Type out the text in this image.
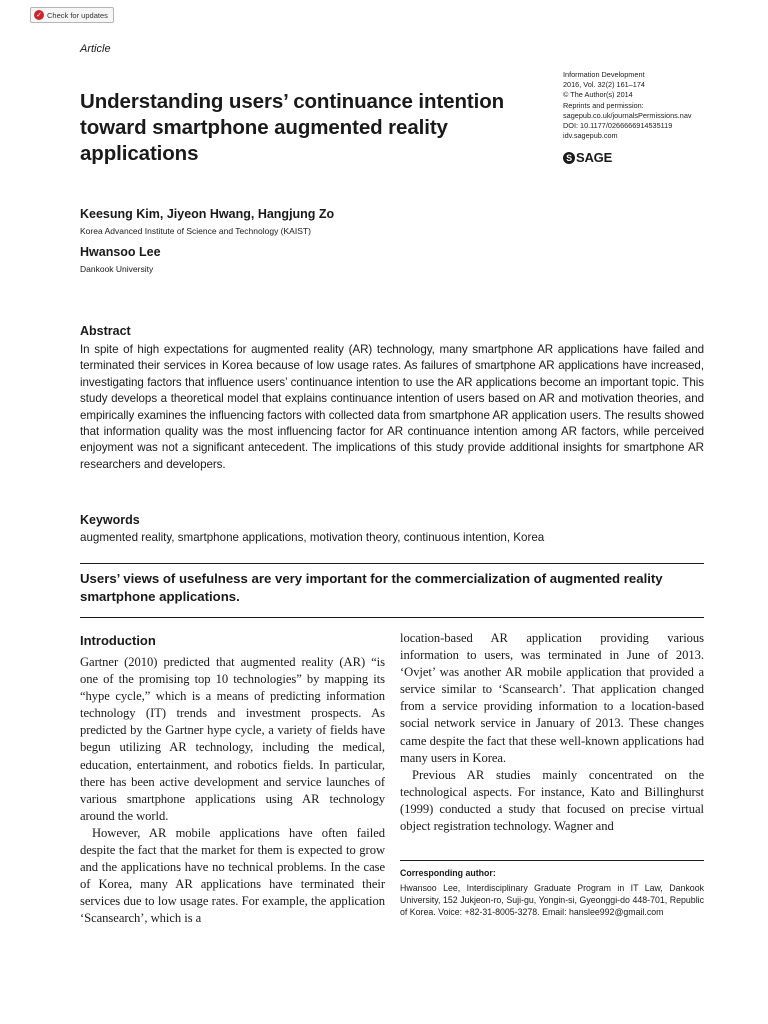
✓ Check for updates
Article
Information Development
2016, Vol. 32(2) 161–174
© The Author(s) 2014
Reprints and permission:
sagepub.co.uk/journalsPermissions.nav
DOI: 10.1177/0266666914535119
idv.sagepub.com
S SAGE
Understanding users’ continuance intention toward smartphone augmented reality applications
Keesung Kim, Jiyeon Hwang, Hangjung Zo
Korea Advanced Institute of Science and Technology (KAIST)
Hwansoo Lee
Dankook University
Abstract

In spite of high expectations for augmented reality (AR) technology, many smartphone AR applications have failed and terminated their services in Korea because of low usage rates. As failures of smartphone AR applications have increased, investigating factors that influence users’ continuance intention to use the AR applications become an important topic. This study develops a theoretical model that explains continuance intention of users based on AR and motivation theories, and empirically examines the influencing factors with collected data from smartphone AR application users. The results showed that information quality was the most influencing factor for AR continuance intention among AR factors, while perceived enjoyment was not a significant antecedent. The implications of this study provide additional insights for smartphone AR researchers and developers.

Keywords
augmented reality, smartphone applications, motivation theory, continuous intention, Korea

Users’ views of usefulness are very important for the commercialization of augmented reality smartphone applications.

Introduction

Gartner (2010) predicted that augmented reality (AR) “is one of the promising top 10 technologies” by mapping its “hype cycle,” which is a means of predicting information technology (IT) trends and investment prospects. As predicted by the Gartner hype cycle, a variety of fields have begun utilizing AR technology, including the medical, education, entertainment, and robotics fields. In particular, there has been active development and service launches of various smartphone applications using AR technology around the world.

However, AR mobile applications have often failed despite the fact that the market for them is expected to grow and the applications have no technical problems. In the case of Korea, many AR applications have terminated their services due to low usage rates. For example, the application ‘Scansearch’, which is a

location-based AR application providing various information to users, was terminated in June of 2013. ‘Ovjet’ was another AR mobile application that provided a service similar to ‘Scansearch’. That application changed from a service providing information to a location-based social network service in January of 2013. These changes came despite the fact that these well-known applications had many users in Korea.

Previous AR studies mainly concentrated on the technological aspects. For instance, Kato and Billinghurst (1999) conducted a study that focused on precise virtual object registration technology. Wagner and

Corresponding author:

Hwansoo Lee, Interdisciplinary Graduate Program in IT Law, Dankook University, 152 Jukjeon-ro, Suji-gu, Yongin-si, Gyeonggi-do 448-701, Republic of Korea. Voice: +82-31-8005-3278. Email: hanslee992@gmail.com
